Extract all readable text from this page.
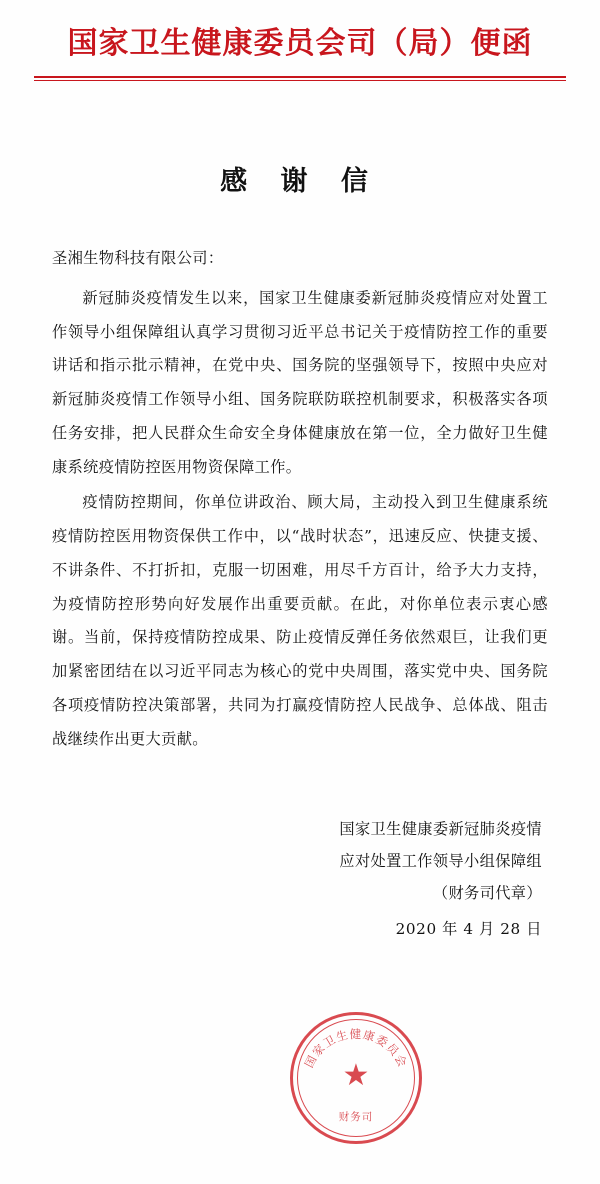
国家卫生健康委员会司（局）便函
感 谢 信
圣湘生物科技有限公司：

新冠肺炎疫情发生以来，国家卫生健康委新冠肺炎疫情应对处置工作领导小组保障组认真学习贯彻习近平总书记关于疫情防控工作的重要讲话和指示批示精神，在党中央、国务院的坚强领导下，按照中央应对新冠肺炎疫情工作领导小组、国务院联防联控机制要求，积极落实各项任务安排，把人民群众生命安全身体健康放在第一位，全力做好卫生健康系统疫情防控医用物资保障工作。

疫情防控期间，你单位讲政治、顾大局，主动投入到卫生健康系统疫情防控医用物资保供工作中，以“战时状态”，迅速反应、快捷支援、不讲条件、不打折扣，克服一切困难，用尽千方百计，给予大力支持，为疫情防控形势向好发展作出重要贡献。在此，对你单位表示衷心感谢。当前，保持疫情防控成果、防止疫情反弹任务依然艰巨，让我们更加紧密团结在以习近平同志为核心的党中央周围，落实党中央、国务院各项疫情防控决策部署，共同为打赢疫情防控人民战争、总体战、阻击战继续作出更大贡献。

国家卫生健康委新冠肺炎疫情
应对处置工作领导小组保障组
（财务司代章）
2020 年 4 月 28 日
国家卫生健康委员会
★
财务司
